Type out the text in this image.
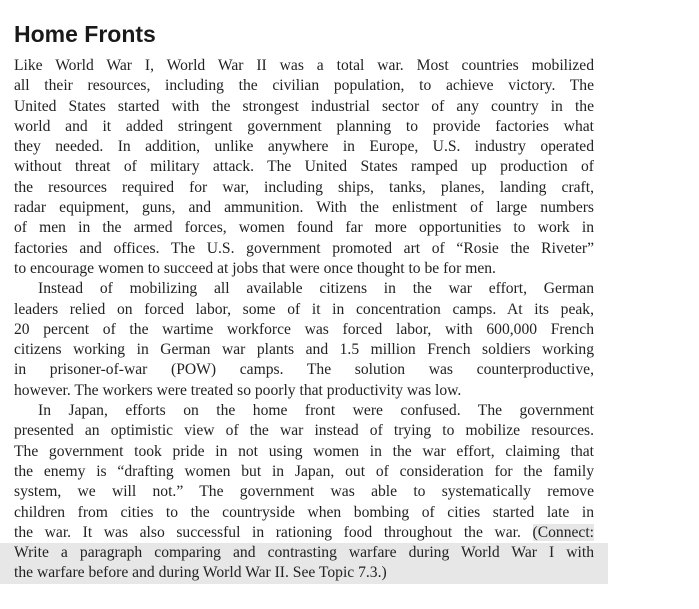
Home Fronts
Like World War I, World War II was a total war. Most countries mobilized
all their resources, including the civilian population, to achieve victory. The
United States started with the strongest industrial sector of any country in the
world and it added stringent government planning to provide factories what
they needed. In addition, unlike anywhere in Europe, U.S. industry operated
without threat of military attack. The United States ramped up production of
the resources required for war, including ships, tanks, planes, landing craft,
radar equipment, guns, and ammunition. With the enlistment of large numbers
of men in the armed forces, women found far more opportunities to work in
factories and offices. The U.S. government promoted art of “Rosie the Riveter”
to encourage women to succeed at jobs that were once thought to be for men.
Instead of mobilizing all available citizens in the war effort, German
leaders relied on forced labor, some of it in concentration camps. At its peak,
20 percent of the wartime workforce was forced labor, with 600,000 French
citizens working in German war plants and 1.5 million French soldiers working
in prisoner-of-war (POW) camps. The solution was counterproductive,
however. The workers were treated so poorly that productivity was low.
In Japan, efforts on the home front were confused. The government
presented an optimistic view of the war instead of trying to mobilize resources.
The government took pride in not using women in the war effort, claiming that
the enemy is “drafting women but in Japan, out of consideration for the family
system, we will not.” The government was able to systematically remove
children from cities to the countryside when bombing of cities started late in
the war. It was also successful in rationing food throughout the war. (Connect:
Write a paragraph comparing and contrasting warfare during World War I with
the warfare before and during World War II. See Topic 7.3.)
